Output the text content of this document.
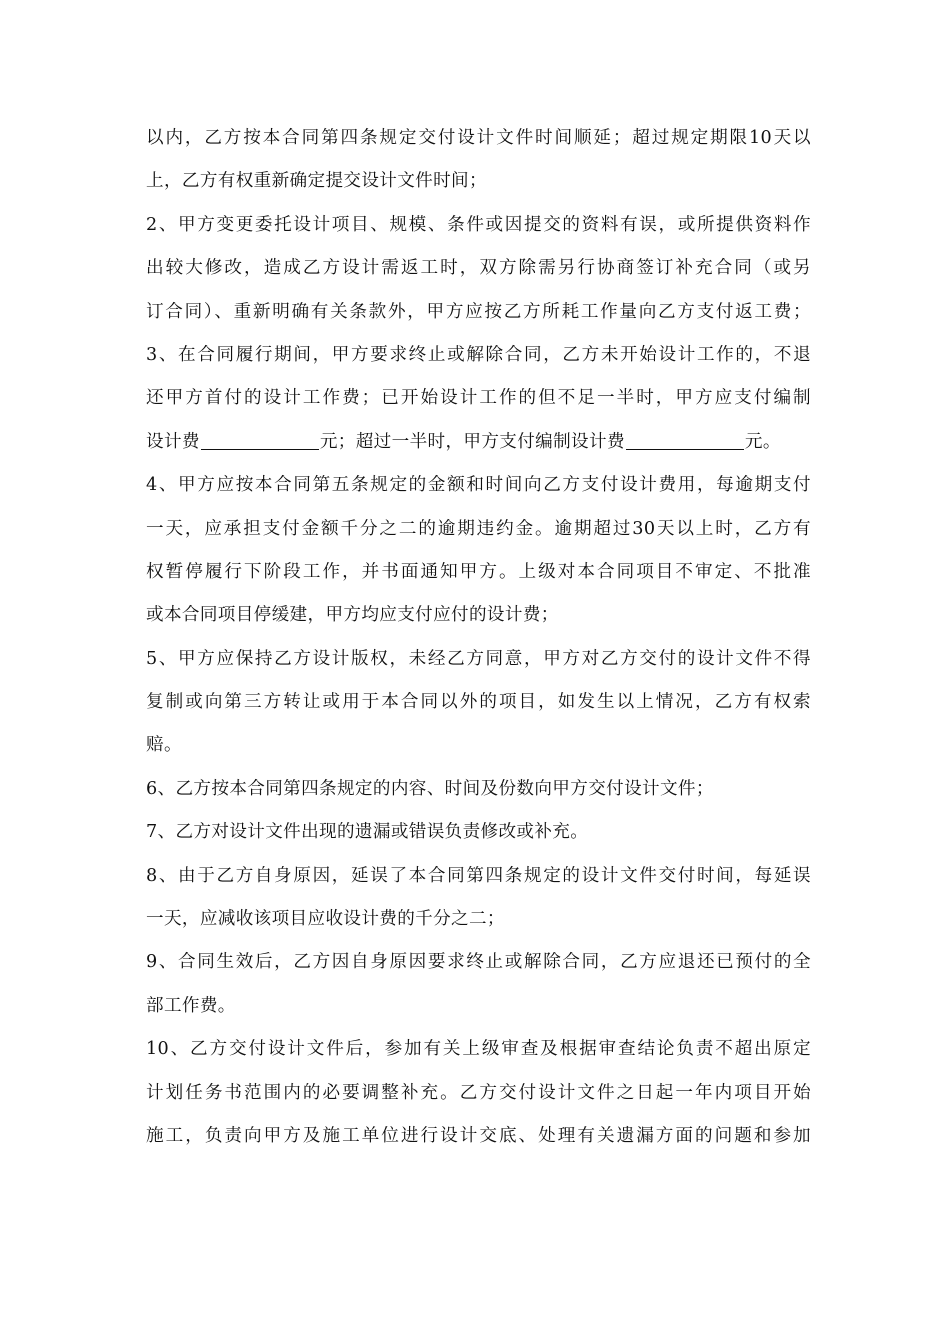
以内，乙方按本合同第四条规定交付设计文件时间顺延；超过规定期限10天以
上，乙方有权重新确定提交设计文件时间；
2、甲方变更委托设计项目、规模、条件或因提交的资料有误，或所提供资料作
出较大修改，造成乙方设计需返工时，双方除需另行协商签订补充合同（或另
订合同）、重新明确有关条款外，甲方应按乙方所耗工作量向乙方支付返工费；
3、在合同履行期间，甲方要求终止或解除合同，乙方未开始设计工作的，不退
还甲方首付的设计工作费；已开始设计工作的但不足一半时，甲方应支付编制
设计费	元；超过一半时，甲方支付编制设计费	元。
4、甲方应按本合同第五条规定的金额和时间向乙方支付设计费用，每逾期支付
一天，应承担支付金额千分之二的逾期违约金。逾期超过30天以上时，乙方有
权暂停履行下阶段工作，并书面通知甲方。上级对本合同项目不审定、不批准
或本合同项目停缓建，甲方均应支付应付的设计费；
5、甲方应保持乙方设计版权，未经乙方同意，甲方对乙方交付的设计文件不得
复制或向第三方转让或用于本合同以外的项目，如发生以上情况，乙方有权索
赔。
6、乙方按本合同第四条规定的内容、时间及份数向甲方交付设计文件；
7、乙方对设计文件出现的遗漏或错误负责修改或补充。
8、由于乙方自身原因，延误了本合同第四条规定的设计文件交付时间，每延误
一天，应减收该项目应收设计费的千分之二；
9、合同生效后，乙方因自身原因要求终止或解除合同，乙方应退还已预付的全
部工作费。
10、乙方交付设计文件后，参加有关上级审查及根据审查结论负责不超出原定
计划任务书范围内的必要调整补充。乙方交付设计文件之日起一年内项目开始
施工，负责向甲方及施工单位进行设计交底、处理有关遗漏方面的问题和参加
